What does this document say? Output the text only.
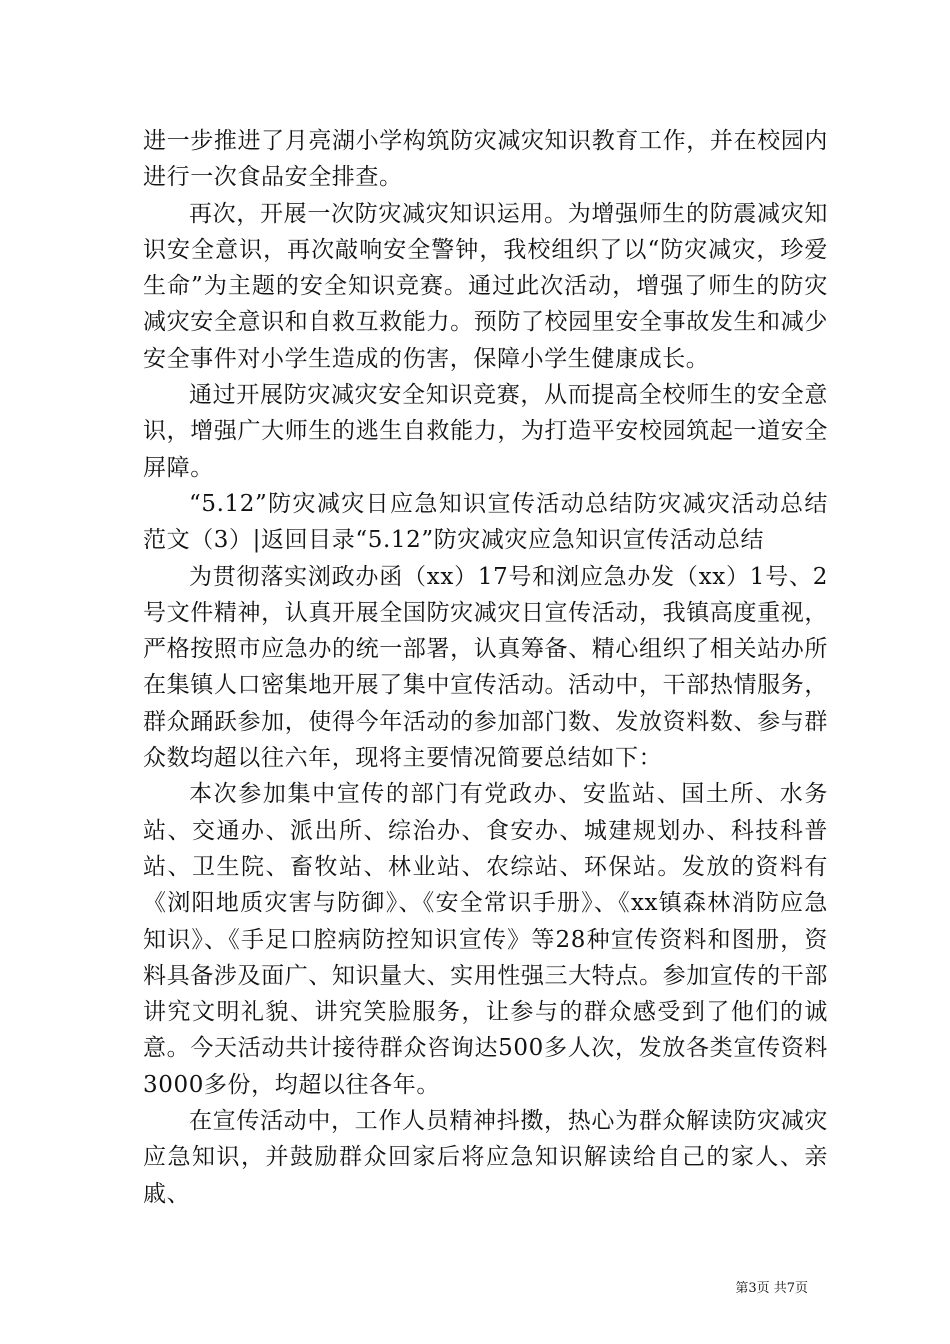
进一步推进了月亮湖小学构筑防灾减灾知识教育工作，并在校园内进行一次食品安全排查。

再次，开展一次防灾减灾知识运用。为增强师生的防震减灾知识安全意识，再次敲响安全警钟，我校组织了以“防灾减灾，珍爱生命”为主题的安全知识竞赛。通过此次活动，增强了师生的防灾减灾安全意识和自救互救能力。预防了校园里安全事故发生和减少安全事件对小学生造成的伤害，保障小学生健康成长。

通过开展防灾减灾安全知识竞赛，从而提高全校师生的安全意识，增强广大师生的逃生自救能力，为打造平安校园筑起一道安全屏障。

“5.12”防灾减灾日应急知识宣传活动总结防灾减灾活动总结范文（3）|返回目录“5.12”防灾减灾应急知识宣传活动总结

为贯彻落实浏政办函（xx）17号和浏应急办发（xx）1号、2号文件精神，认真开展全国防灾减灾日宣传活动，我镇高度重视，严格按照市应急办的统一部署，认真筹备、精心组织了相关站办所在集镇人口密集地开展了集中宣传活动。活动中，干部热情服务，群众踊跃参加，使得今年活动的参加部门数、发放资料数、参与群众数均超以往六年，现将主要情况简要总结如下：

本次参加集中宣传的部门有党政办、安监站、国土所、水务站、交通办、派出所、综治办、食安办、城建规划办、科技科普站、卫生院、畜牧站、林业站、农综站、环保站。发放的资料有《浏阳地质灾害与防御》、《安全常识手册》、《xx镇森林消防应急知识》、《手足口腔病防控知识宣传》等28种宣传资料和图册，资料具备涉及面广、知识量大、实用性强三大特点。参加宣传的干部讲究文明礼貌、讲究笑脸服务，让参与的群众感受到了他们的诚意。今天活动共计接待群众咨询达500多人次，发放各类宣传资料3000多份，均超以往各年。

在宣传活动中，工作人员精神抖擞，热心为群众解读防灾减灾应急知识，并鼓励群众回家后将应急知识解读给自己的家人、亲戚、

第3页 共7页
